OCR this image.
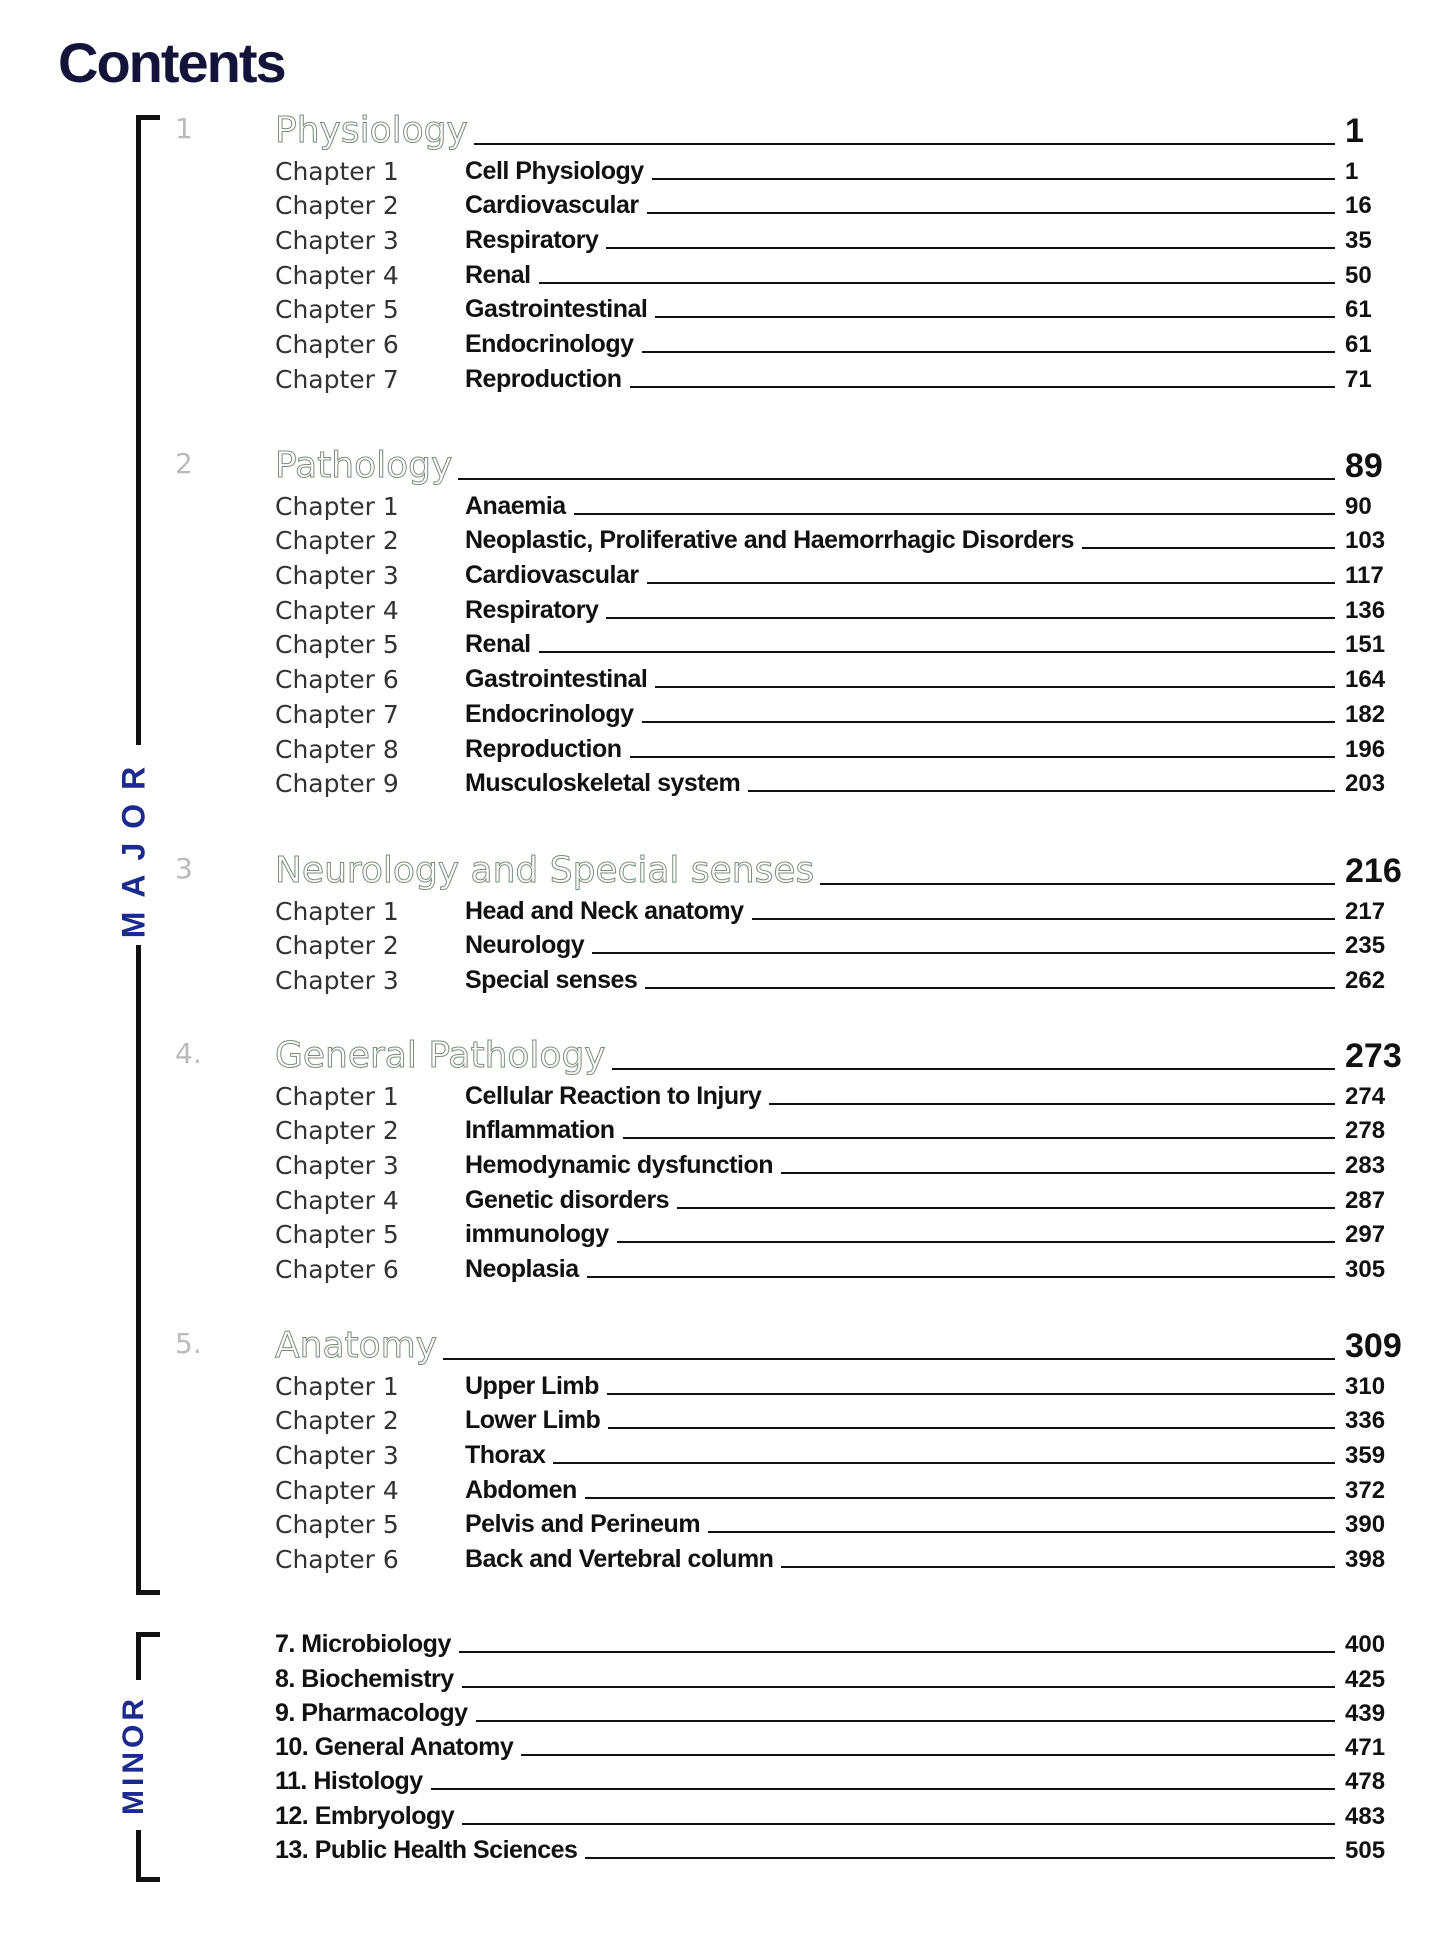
Contents
MAJOR
MINOR
1	Physiology	1
Chapter 1	Cell Physiology	1
Chapter 2	Cardiovascular	16
Chapter 3	Respiratory	35
Chapter 4	Renal	50
Chapter 5	Gastrointestinal	61
Chapter 6	Endocrinology	61
Chapter 7	Reproduction	71
2	Pathology	89
Chapter 1	Anaemia	90
Chapter 2	Neoplastic, Proliferative and Haemorrhagic Disorders	103
Chapter 3	Cardiovascular	117
Chapter 4	Respiratory	136
Chapter 5	Renal	151
Chapter 6	Gastrointestinal	164
Chapter 7	Endocrinology	182
Chapter 8	Reproduction	196
Chapter 9	Musculoskeletal system	203
3	Neurology and Special senses	216
Chapter 1	Head and Neck anatomy	217
Chapter 2	Neurology	235
Chapter 3	Special senses	262
4.	General Pathology	273
Chapter 1	Cellular Reaction to Injury	274
Chapter 2	Inflammation	278
Chapter 3	Hemodynamic dysfunction	283
Chapter 4	Genetic disorders	287
Chapter 5	immunology	297
Chapter 6	Neoplasia	305
5.	Anatomy	309
Chapter 1	Upper Limb	310
Chapter 2	Lower Limb	336
Chapter 3	Thorax	359
Chapter 4	Abdomen	372
Chapter 5	Pelvis and Perineum	390
Chapter 6	Back and Vertebral column	398
7. Microbiology	400
8. Biochemistry	425
9. Pharmacology	439
10. General Anatomy	471
11. Histology	478
12. Embryology	483
13. Public Health Sciences	505
